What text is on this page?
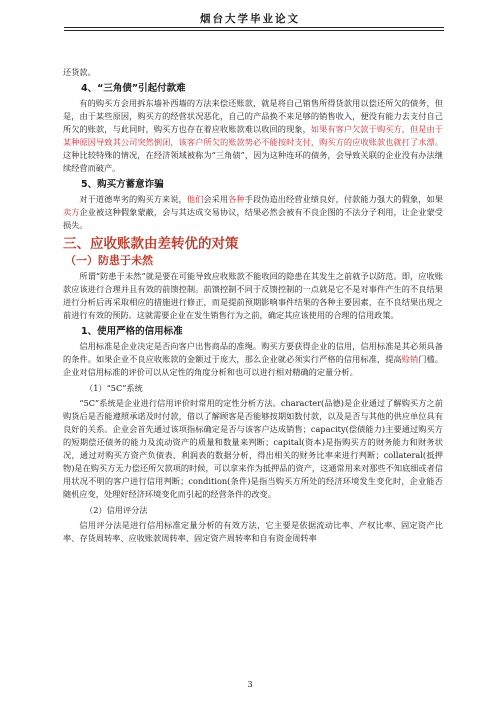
烟台大学毕业论文

还货款。

4、“三角债”引起付款难

有的购买方会用拆东墙补西墙的方法来偿还账款，就是将自己销售所得货款用以偿还所欠的债务，但是，由于某些原因，购买方的经营状况恶化，自己的产品换不来足够的销售收入，便没有能力去支付自己所欠的账款，与此同时，购买方也存在着应收账款难以收回的现象，如果有客户欠款于购买方，但是由于某种原因导致其公司突然倒闭，该客户所欠的账款势必不能按时支付，购买方的应收账款也就打了水漂。这种比较特殊的情况，在经济领域被称为“三角债”，因为这种连环的债务，会导致关联的企业没有办法继续经营而破产。

5、购买方蓄意诈骗

对于道德卑劣的购买方来说，他们会采用各种手段伪造出经营业绩良好，付款能力强大的假象，如果卖方企业被这种假象蒙蔽，会与其达成交易协议，结果必然会被有不良企图的不法分子利用，让企业蒙受损失。

三、应收账款由差转优的对策
（一）防患于未然

所谓“防患于未然”就是要在可能导致应收账款不能收回的隐患在其发生之前就予以防范。即，应收账款应该进行合理并且有效的前馈控制。前馈控制不同于反馈控制的一点就是它不是对事件产生的不良结果进行分析后再采取相应的措施进行修正，而是提前预期影响事件结果的各种主要因素，在不良结果出现之前进行有效的预防。这就需要企业在发生销售行为之前，确定其应该使用的合理的信用政策。

1、使用严格的信用标准

信用标准是企业决定是否向客户出售商品的准绳。购买方要获得企业的信用，信用标准是其必须具备的条件。如果企业不良应收账款的金额过于庞大，那么企业就必须实行严格的信用标准，提高赊销门槛。企业对信用标准的评价可以从定性的角度分析和也可以进行相对精确的定量分析。

（1）“5C”系统

“5C”系统是企业进行信用评价时常用的定性分析方法。character(品德)是企业通过了解购买方之前购货后是否能遵照承诺及时付款，借以了解顾客是否能够按期如数付款，以及是否与其他的供应单位具有良好的关系。企业会首先通过该项指标确定是否与该客户达成销售；capacity(偿债能力)主要通过购买方的短期偿还债务的能力及流动资产的质量和数量来判断；capital(资本)是指购买方的财务能力和财务状况，通过对购买方资产负债表、利润表的数据分析，得出相关的财务比率来进行判断；collateral(抵押物)是在购买方无力偿还所欠款项的时候，可以拿来作为抵押品的资产，这通常用来对那些不知底细或者信用状况不明的客户进行信用判断；condition(条件)是指当购买方所处的经济环境发生变化时，企业能否随机应变，处理好经济环境变化而引起的经营条件的改变。

（2）信用评分法

信用评分法是进行信用标准定量分析的有效方法，它主要是依据流动比率、产权比率、固定资产比率、存货周转率、应收账款周转率、固定资产周转率和自有资金周转率

3
